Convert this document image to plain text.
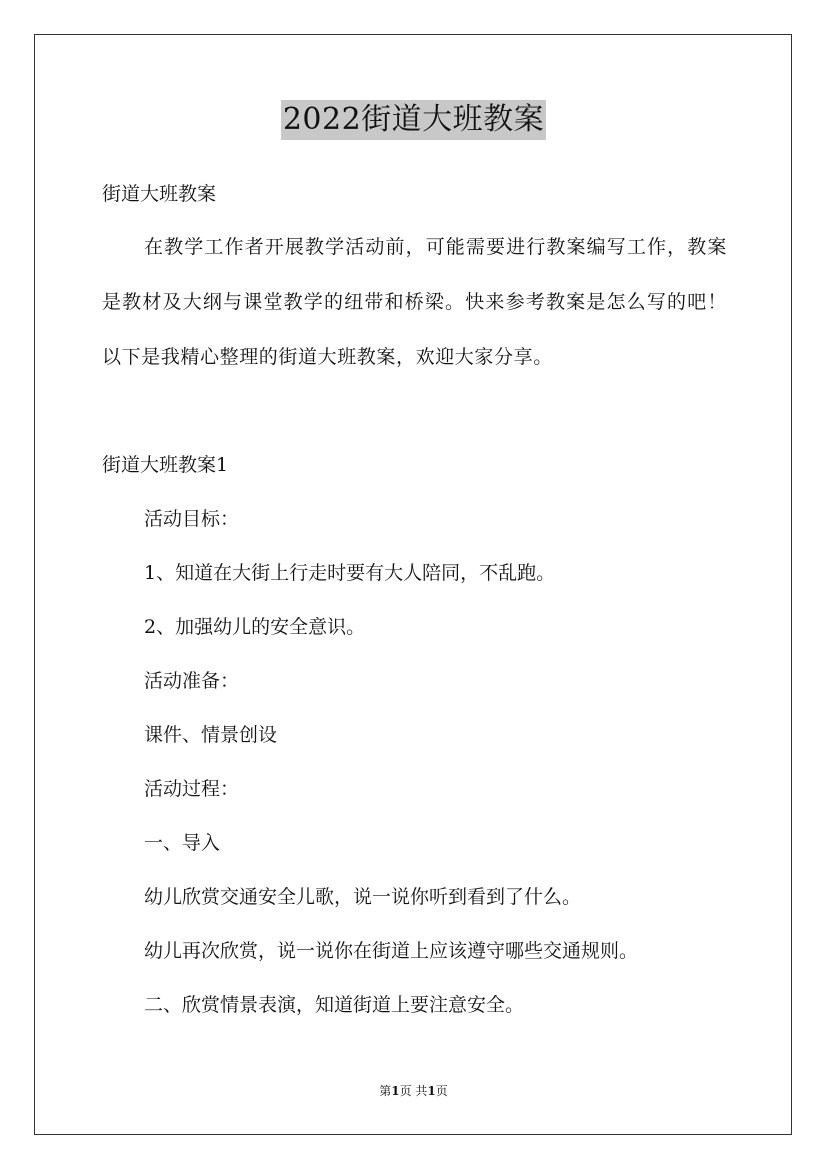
2022街道大班教案
街道大班教案
在教学工作者开展教学活动前，可能需要进行教案编写工作，教案是教材及大纲与课堂教学的纽带和桥梁。快来参考教案是怎么写的吧！以下是我精心整理的街道大班教案，欢迎大家分享。
街道大班教案1
活动目标：
1、知道在大街上行走时要有大人陪同，不乱跑。
2、加强幼儿的安全意识。
活动准备：
课件、情景创设
活动过程：
一、导入
幼儿欣赏交通安全儿歌，说一说你听到看到了什么。
幼儿再次欣赏，说一说你在街道上应该遵守哪些交通规则。
二、欣赏情景表演，知道街道上要注意安全。
第1页 共1页
